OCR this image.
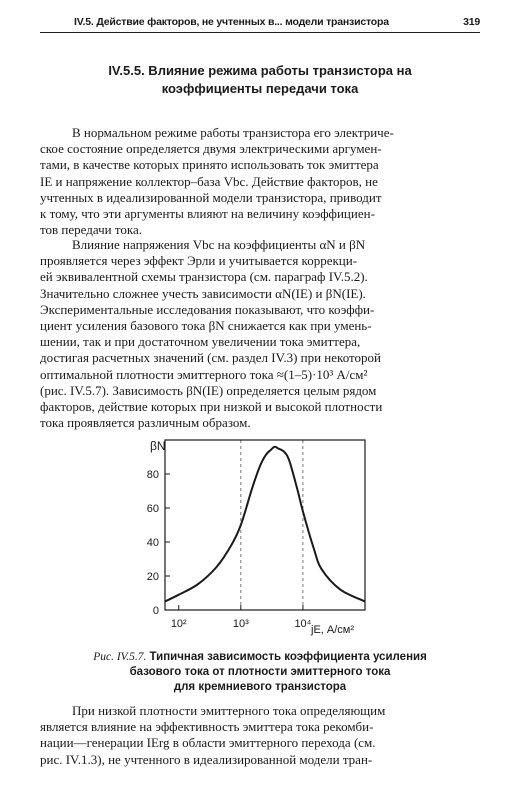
IV.5. Действие факторов, не учтенных в... модели транзистора	319
IV.5.5. Влияние режима работы транзистора на
коэффициенты передачи тока

В нормальном режиме работы транзистора его электриче-
ское состояние определяется двумя электрическими аргумен-
тами, в качестве которых принято использовать ток эмиттера
IE и напряжение коллектор–база Vbc. Действие факторов, не
учтенных в идеализированной модели транзистора, приводит
к тому, что эти аргументы влияют на величину коэффициен-
тов передачи тока.

Влияние напряжения Vbc на коэффициенты αN и βN
проявляется через эффект Эрли и учитывается коррекци-
ей эквивалентной схемы транзистора (см. параграф IV.5.2).
Значительно сложнее учесть зависимости αN(IE) и βN(IE).
Экспериментальные исследования показывают, что коэффи-
циент усиления базового тока βN снижается как при умень-
шении, так и при достаточном увеличении тока эмиттера,
достигая расчетных значений (см. раздел IV.3) при некоторой
оптимальной плотности эмиттерного тока ≈(1–5)·10³ А/см²
(рис. IV.5.7). Зависимость βN(IE) определяется целым рядом
факторов, действие которых при низкой и высокой плотности
тока проявляется различным образом.

10²	10³	10⁴
0
20
40
60
80
βN
jE, А/см²
Рис. IV.5.7. Типичная зависимость коэффициента усиления
базового тока от плотности эмиттерного тока
для кремниевого транзистора

При низкой плотности эмиттерного тока определяющим
является влияние на эффективность эмиттера тока рекомби-
нации—генерации IErg в области эмиттерного перехода (см.
рис. IV.1.3), не учтенного в идеализированной модели тран-
